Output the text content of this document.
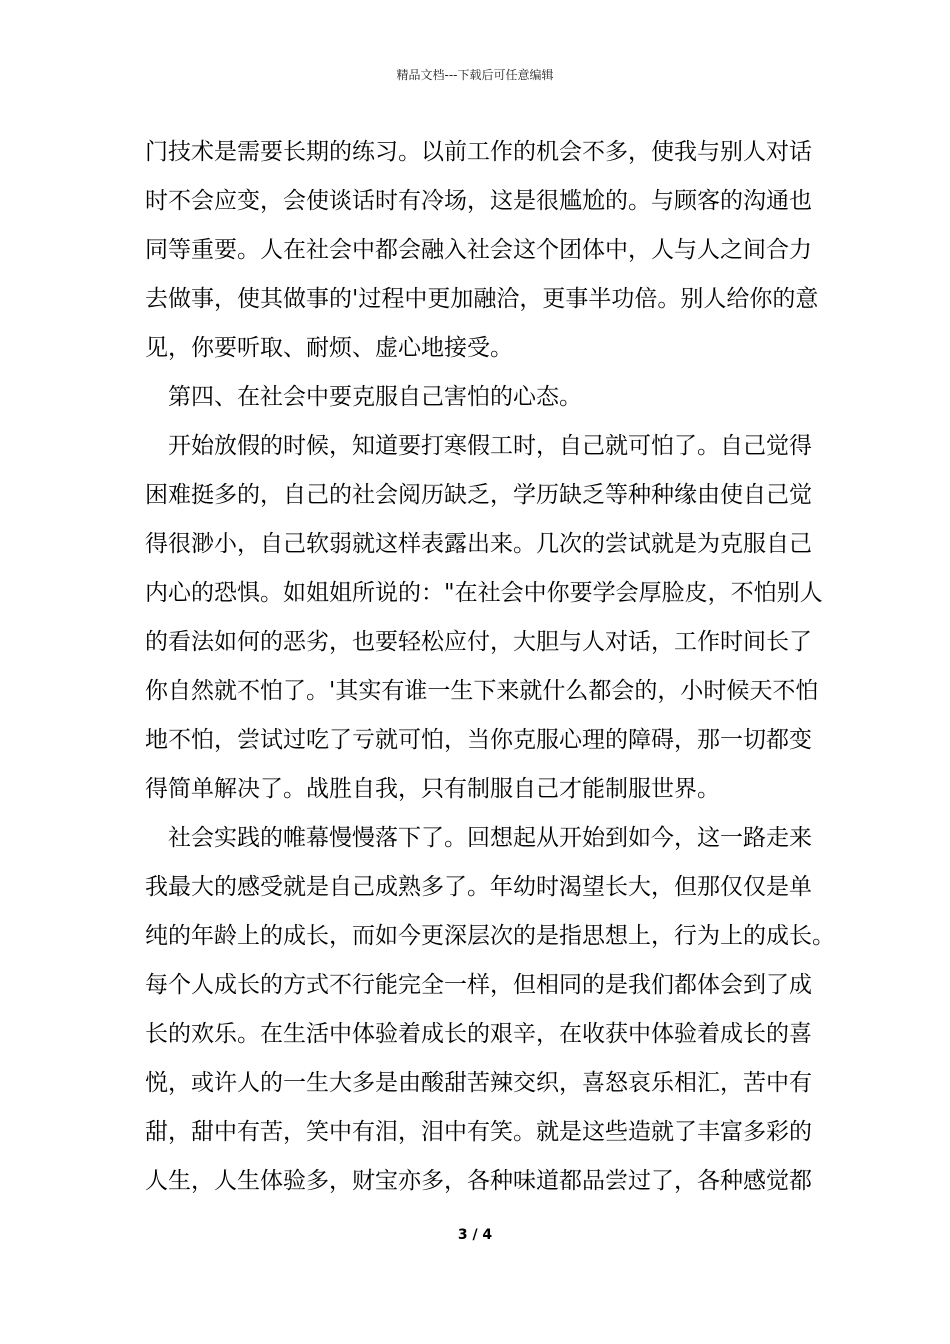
精品文档---下载后可任意编辑
门技术是需要长期的练习。以前工作的机会不多，使我与别人对话
时不会应变，会使谈话时有冷场，这是很尴尬的。与顾客的沟通也
同等重要。人在社会中都会融入社会这个团体中，人与人之间合力
去做事，使其做事的'过程中更加融洽，更事半功倍。别人给你的意
见，你要听取、耐烦、虚心地接受。
第四、在社会中要克服自己害怕的心态。
开始放假的时候，知道要打寒假工时，自己就可怕了。自己觉得
困难挺多的，自己的社会阅历缺乏，学历缺乏等种种缘由使自己觉
得很渺小，自己软弱就这样表露出来。几次的尝试就是为克服自己
内心的恐惧。如姐姐所说的："在社会中你要学会厚脸皮，不怕别人
的看法如何的恶劣，也要轻松应付，大胆与人对话，工作时间长了
你自然就不怕了。'其实有谁一生下来就什么都会的，小时候天不怕
地不怕，尝试过吃了亏就可怕，当你克服心理的障碍，那一切都变
得简单解决了。战胜自我，只有制服自己才能制服世界。
社会实践的帷幕慢慢落下了。回想起从开始到如今，这一路走来
我最大的感受就是自己成熟多了。年幼时渴望长大，但那仅仅是单
纯的年龄上的成长，而如今更深层次的是指思想上，行为上的成长。
每个人成长的方式不行能完全一样，但相同的是我们都体会到了成
长的欢乐。在生活中体验着成长的艰辛，在收获中体验着成长的喜
悦，或许人的一生大多是由酸甜苦辣交织，喜怒哀乐相汇，苦中有
甜，甜中有苦，笑中有泪，泪中有笑。就是这些造就了丰富多彩的
人生，人生体验多，财宝亦多，各种味道都品尝过了，各种感觉都
3 / 4
